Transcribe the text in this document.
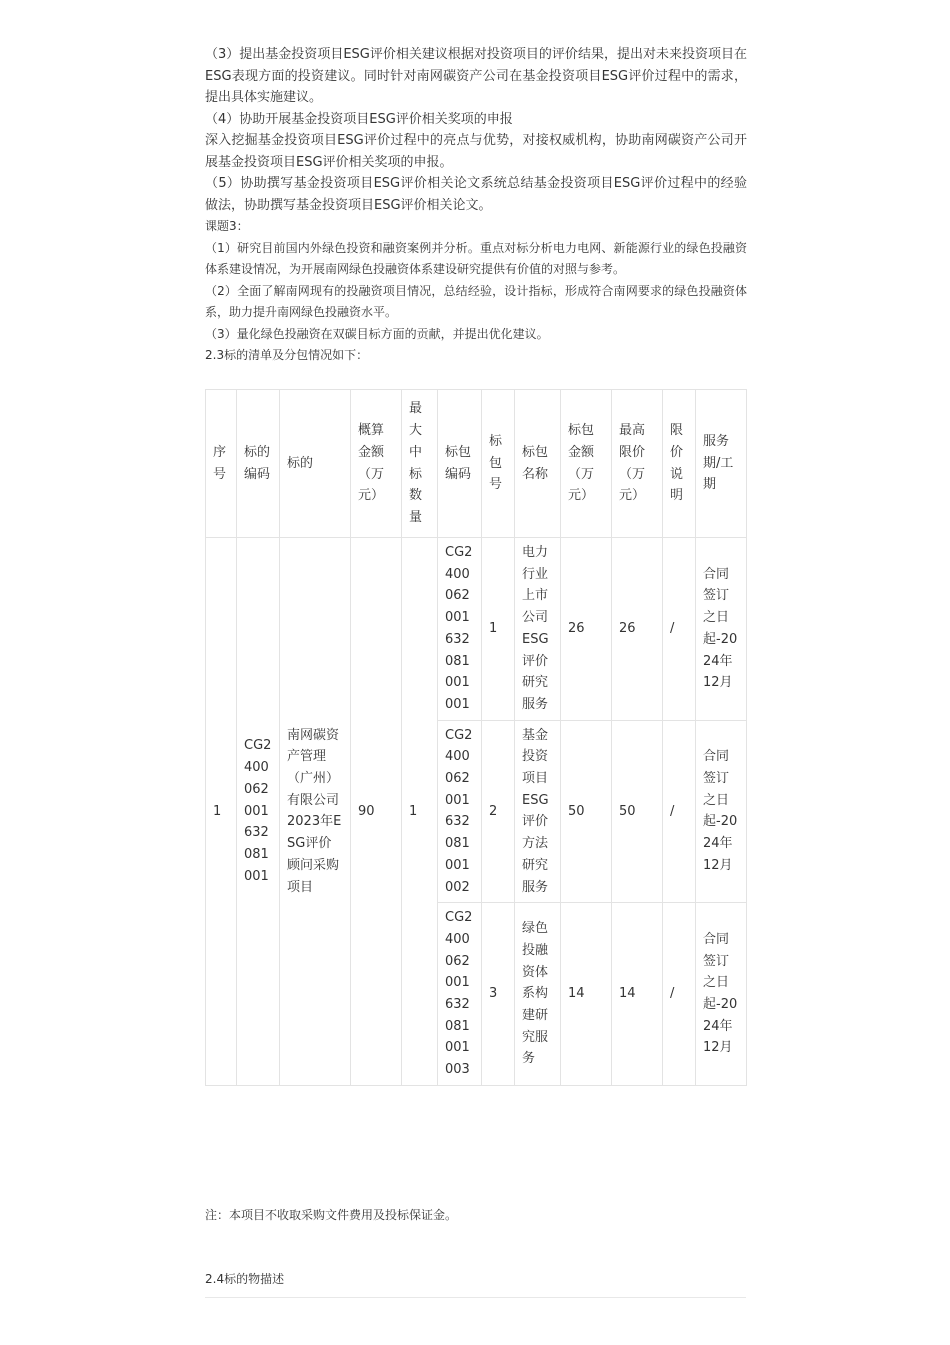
（3）提出基金投资项目ESG评价相关建议根据对投资项目的评价结果，提出对未来投资项目在ESG表现方面的投资建议。同时针对南网碳资产公司在基金投资项目ESG评价过程中的需求，提出具体实施建议。

（4）协助开展基金投资项目ESG评价相关奖项的申报

深入挖掘基金投资项目ESG评价过程中的亮点与优势，对接权威机构，协助南网碳资产公司开展基金投资项目ESG评价相关奖项的申报。

（5）协助撰写基金投资项目ESG评价相关论文系统总结基金投资项目ESG评价过程中的经验做法，协助撰写基金投资项目ESG评价相关论文。

课题3：

（1）研究目前国内外绿色投资和融资案例并分析。重点对标分析电力电网、新能源行业的绿色投融资体系建设情况，为开展南网绿色投融资体系建设研究提供有价值的对照与参考。

（2）全面了解南网现有的投融资项目情况，总结经验，设计指标，形成符合南网要求的绿色投融资体系，助力提升南网绿色投融资水平。

（3）量化绿色投融资在双碳目标方面的贡献，并提出优化建议。

2.3标的清单及分包情况如下：

序号	标的编码	标的	概算金额（万元）	最大中标数量	标包编码	标包号	标包名称	标包金额（万元）	最高限价（万元）	限价说明	服务期/工期
1	CG2400062001632081001	南网碳资产管理（广州）有限公司2023年ESG评价顾问采购项目	90	1	CG2400062001632081001001	1	电力行业上市公司ESG评价研究服务	26	26	/	合同签订之日起-2024年12月
					CG2400062001632081001002	2	基金投资项目ESG评价方法研究服务	50	50	/	合同签订之日起-2024年12月
					CG2400062001632081001003	3	绿色投融资体系构建研究服务	14	14	/	合同签订之日起-2024年12月

注：本项目不收取采购文件费用及投标保证金。

2.4标的物描述
